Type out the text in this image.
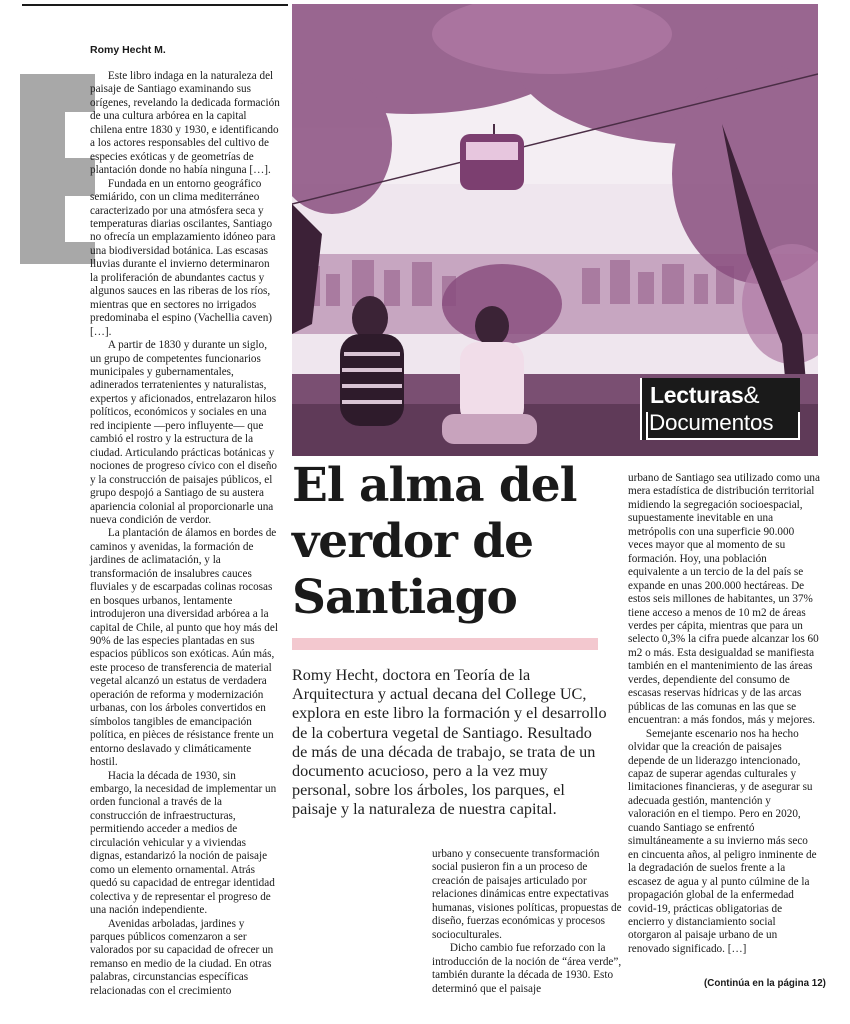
Romy Hecht M.

Este libro indaga en la naturaleza del paisaje de Santiago examinando sus orígenes, revelando la dedicada formación de una cultura arbórea en la capital chilena entre 1830 y 1930, e identificando a los actores responsables del cultivo de especies exóticas y de geometrías de plantación donde no había ninguna […].

Fundada en un entorno geográfico semiárido, con un clima mediterráneo caracterizado por una atmósfera seca y temperaturas diarias oscilantes, Santiago no ofrecía un emplazamiento idóneo para una biodiversidad botánica. Las escasas lluvias durante el invierno determinaron la proliferación de abundantes cactus y algunos sauces en las riberas de los ríos, mientras que en sectores no irrigados predominaba el espino (Vachellia caven) […].

A partir de 1830 y durante un siglo, un grupo de competentes funcionarios municipales y gubernamentales, adinerados terratenientes y naturalistas, expertos y aficionados, entrelazaron hilos políticos, económicos y sociales en una red incipiente —pero influyente— que cambió el rostro y la estructura de la ciudad. Articulando prácticas botánicas y nociones de progreso cívico con el diseño y la construcción de paisajes públicos, el grupo despojó a Santiago de su austera apariencia colonial al proporcionarle una nueva condición de verdor.

La plantación de álamos en bordes de caminos y avenidas, la formación de jardines de aclimatación, y la transformación de insalubres cauces fluviales y de escarpadas colinas rocosas en bosques urbanos, lentamente introdujeron una diversidad arbórea a la capital de Chile, al punto que hoy más del 90% de las especies plantadas en sus espacios públicos son exóticas. Aún más, este proceso de transferencia de material vegetal alcanzó un estatus de verdadera operación de reforma y modernización urbanas, con los árboles convertidos en símbolos tangibles de emancipación política, en pièces de résistance frente un entorno deslavado y climáticamente hostil.

Hacia la década de 1930, sin embargo, la necesidad de implementar un orden funcional a través de la construcción de infraestructuras, permitiendo acceder a medios de circulación vehicular y a viviendas dignas, estandarizó la noción de paisaje como un elemento ornamental. Atrás quedó su capacidad de entregar identidad colectiva y de representar el progreso de una nación independiente.

Avenidas arboladas, jardines y parques públicos comenzaron a ser valorados por su capacidad de ofrecer un remanso en medio de la ciudad. En otras palabras, circunstancias específicas relacionadas con el crecimiento

Lecturas&
Documentos
El alma del verdor de Santiago
Romy Hecht, doctora en Teoría de la Arquitectura y actual decana del College UC, explora en este libro la formación y el desarrollo de la cobertura vegetal de Santiago. Resultado de más de una década de trabajo, se trata de un documento acucioso, pero a la vez muy personal, sobre los árboles, los parques, el paisaje y la naturaleza de nuestra capital.

urbano y consecuente transformación social pusieron fin a un proceso de creación de paisajes articulado por relaciones dinámicas entre expectativas humanas, visiones políticas, propuestas de diseño, fuerzas económicas y procesos socioculturales.

Dicho cambio fue reforzado con la introducción de la noción de “área verde”, también durante la década de 1930. Esto determinó que el paisaje

urbano de Santiago sea utilizado como una mera estadística de distribución territorial midiendo la segregación socioespacial, supuestamente inevitable en una metrópolis con una superficie 90.000 veces mayor que al momento de su formación. Hoy, una población equivalente a un tercio de la del país se expande en unas 200.000 hectáreas. De estos seis millones de habitantes, un 37% tiene acceso a menos de 10 m2 de áreas verdes per cápita, mientras que para un selecto 0,3% la cifra puede alcanzar los 60 m2 o más. Esta desigualdad se manifiesta también en el mantenimiento de las áreas verdes, dependiente del consumo de escasas reservas hídricas y de las arcas públicas de las comunas en las que se encuentran: a más fondos, más y mejores.

Semejante escenario nos ha hecho olvidar que la creación de paisajes depende de un liderazgo intencionado, capaz de superar agendas culturales y limitaciones financieras, y de asegurar su adecuada gestión, mantención y valoración en el tiempo. Pero en 2020, cuando Santiago se enfrentó simultáneamente a su invierno más seco en cincuenta años, al peligro inminente de la degradación de suelos frente a la escasez de agua y al punto cúlmine de la propagación global de la enfermedad covid-19, prácticas obligatorias de encierro y distanciamiento social otorgaron al paisaje urbano de un renovado significado. […]

(Continúa en la página 12)
